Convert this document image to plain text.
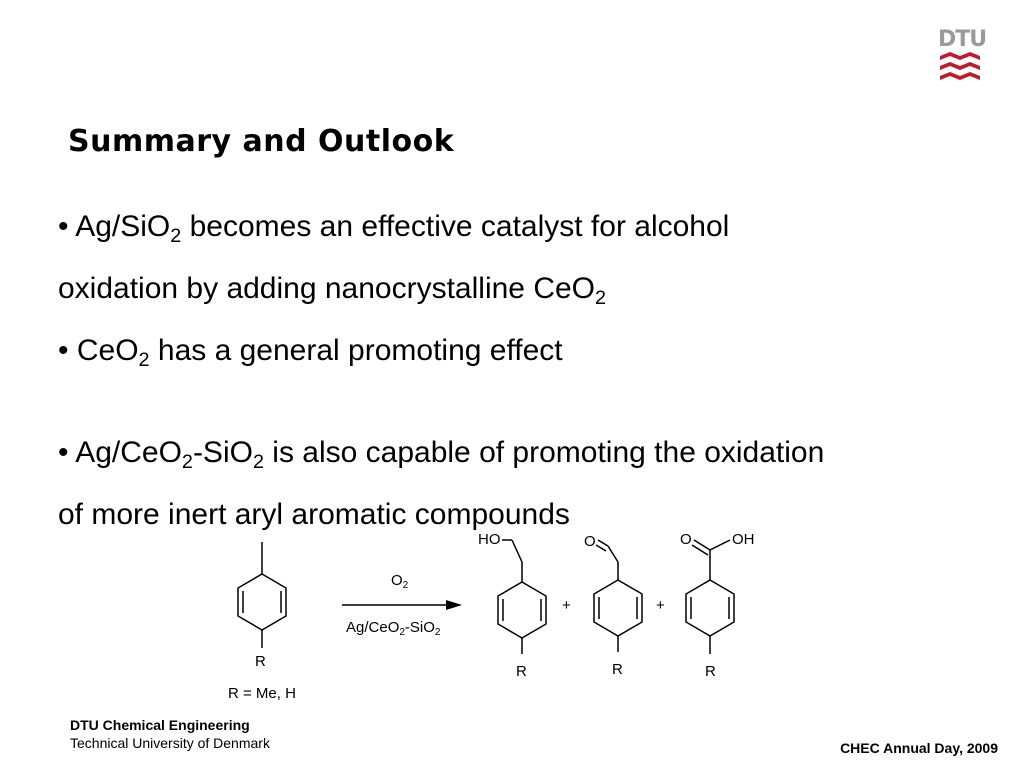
DTU
Summary and Outlook
• Ag/SiO$_2$ becomes an effective catalyst for alcohol
oxidation by adding nanocrystalline CeO$_2$
• CeO$_2$ has a general promoting effect
• Ag/CeO$_2$-SiO$_2$ is also capable of promoting the oxidation
of more inert aryl aromatic compounds
R
R = Me, H
$O_2$
Ag/CeO$_2$-SiO$_2$
HO
R
+
O
R
+
O	OH
R
DTU Chemical Engineering
Technical University of Denmark	CHEC Annual Day, 2009
